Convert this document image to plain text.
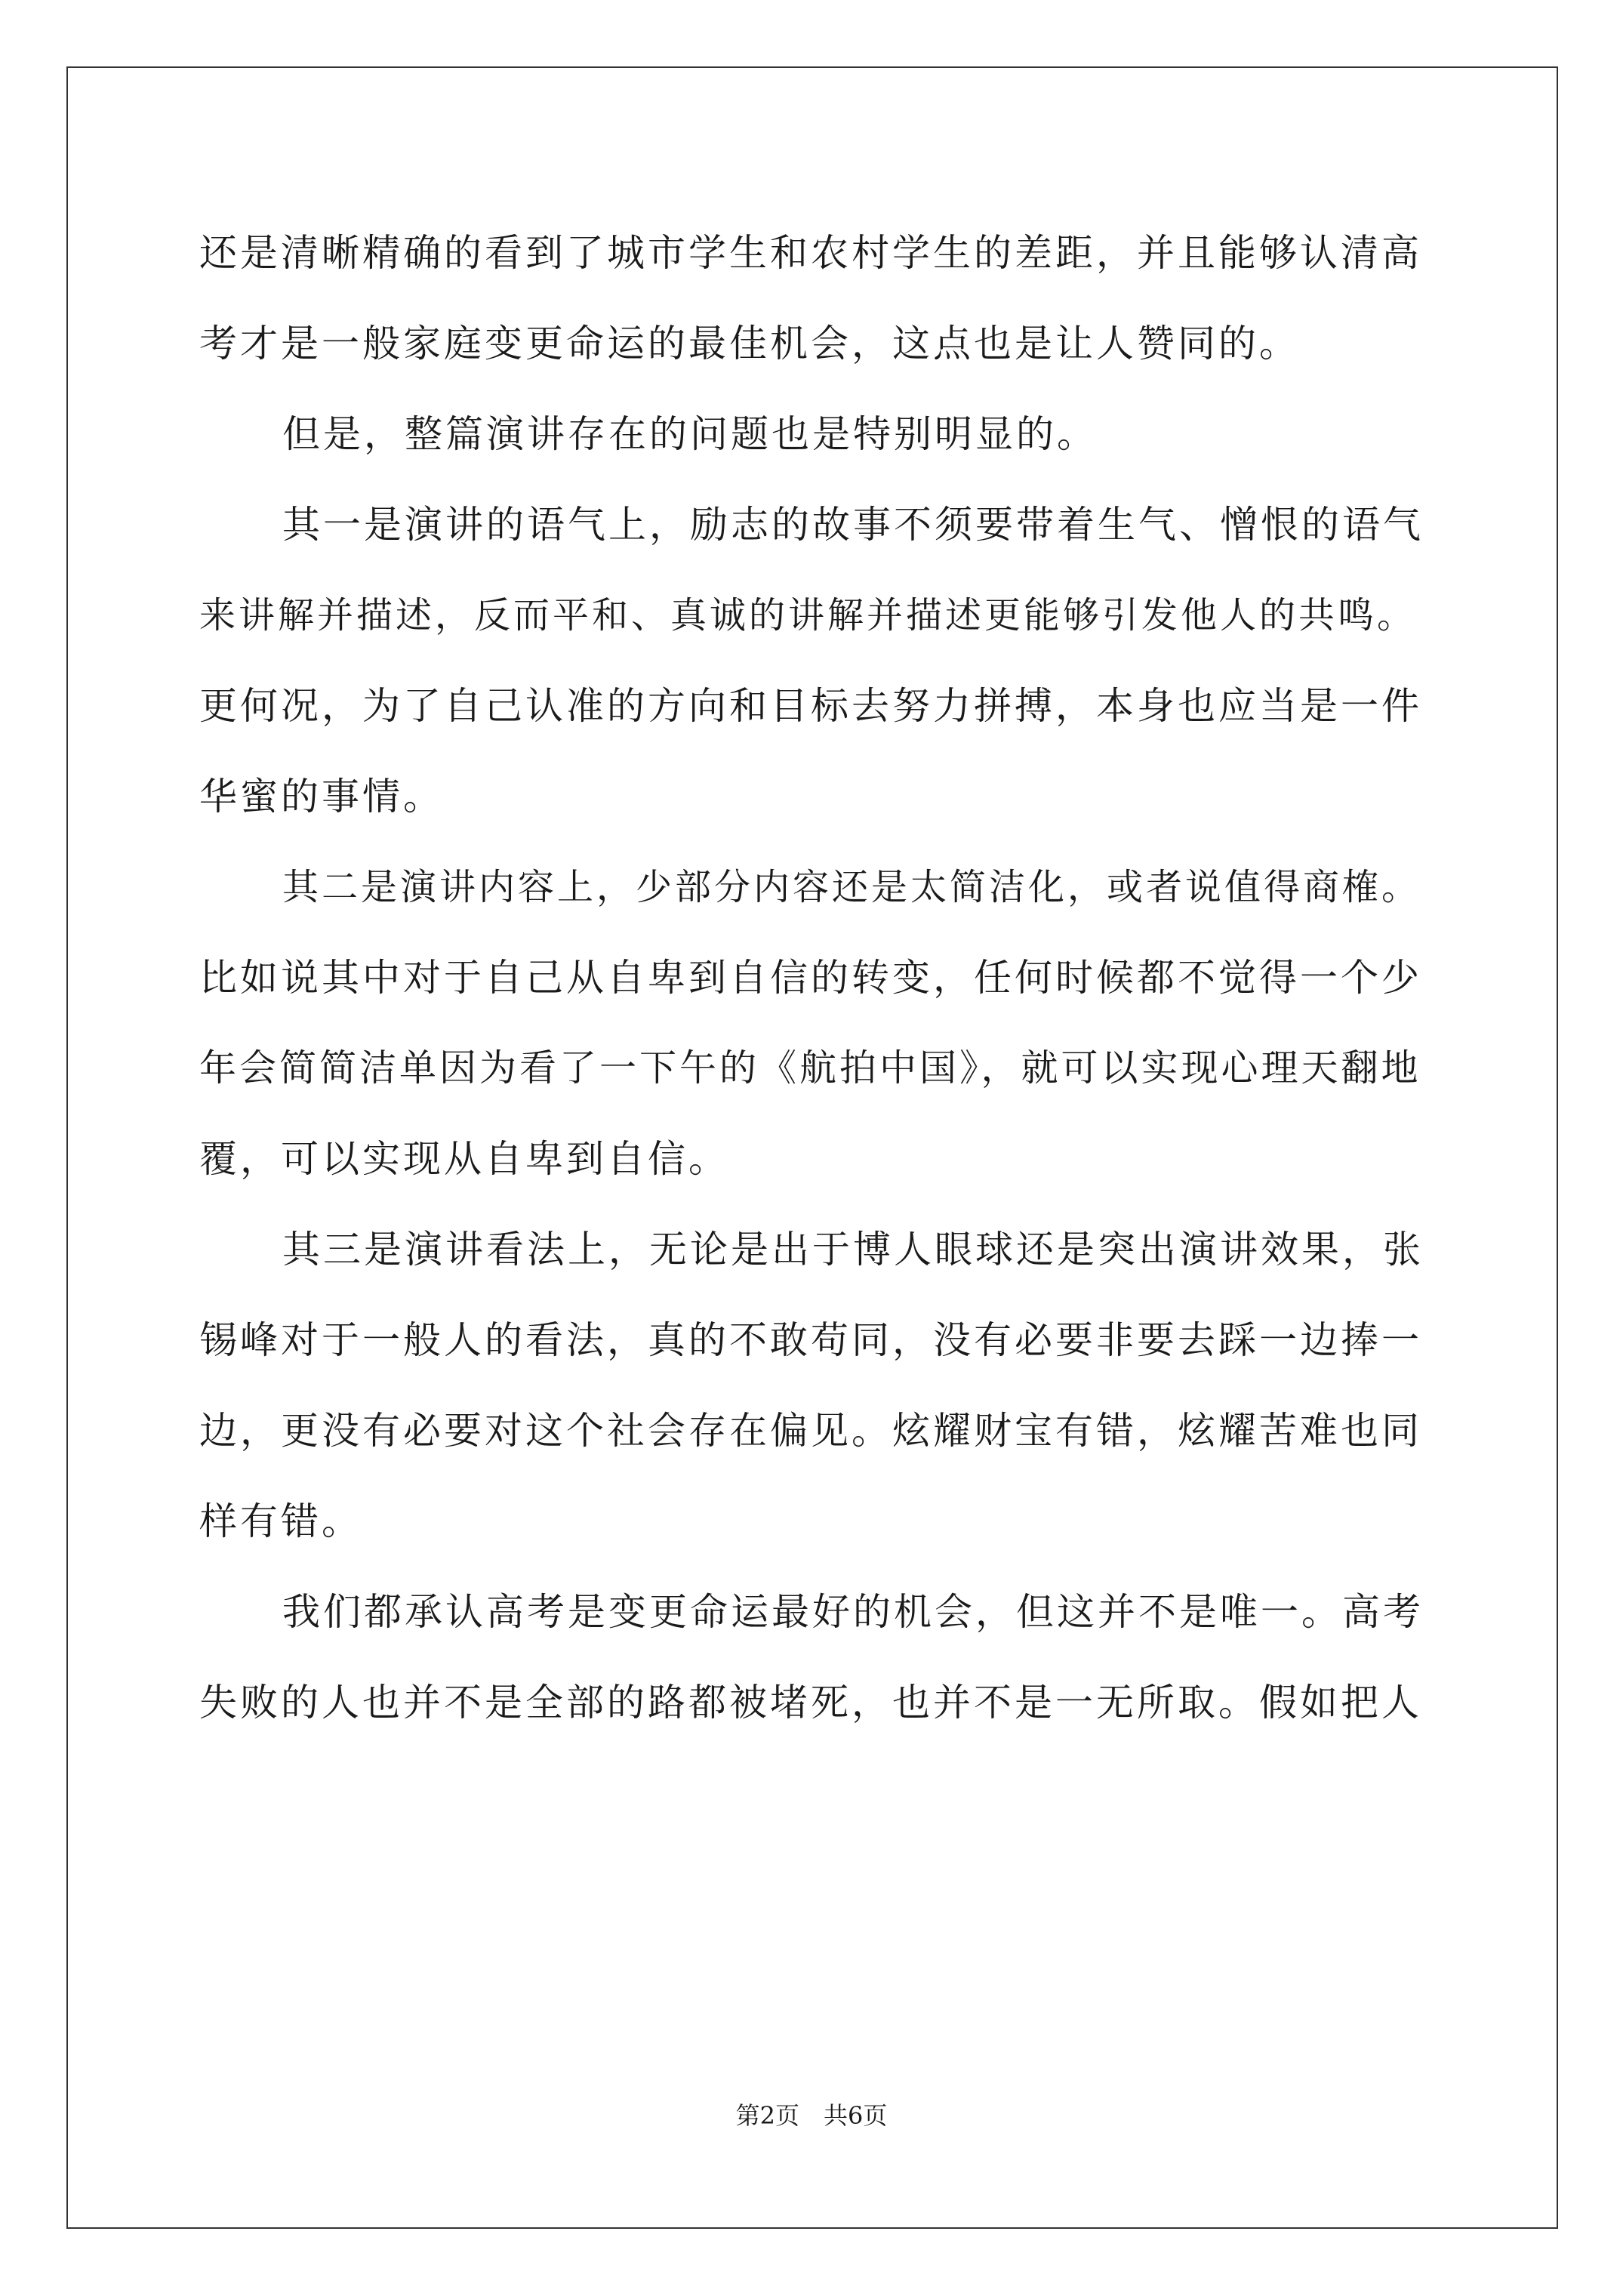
还是清晰精确的看到了城市学生和农村学生的差距，并且能够认清高
考才是一般家庭变更命运的最佳机会，这点也是让人赞同的。
但是，整篇演讲存在的问题也是特别明显的。
其一是演讲的语气上，励志的故事不须要带着生气、憎恨的语气
来讲解并描述，反而平和、真诚的讲解并描述更能够引发他人的共鸣。
更何况，为了自己认准的方向和目标去努力拼搏，本身也应当是一件
华蜜的事情。
其二是演讲内容上，少部分内容还是太简洁化，或者说值得商榷。
比如说其中对于自己从自卑到自信的转变，任何时候都不觉得一个少
年会简简洁单因为看了一下午的《航拍中国》，就可以实现心理天翻地
覆，可以实现从自卑到自信。
其三是演讲看法上，无论是出于博人眼球还是突出演讲效果，张
锡峰对于一般人的看法，真的不敢苟同，没有必要非要去踩一边捧一
边，更没有必要对这个社会存在偏见。炫耀财宝有错，炫耀苦难也同
样有错。
我们都承认高考是变更命运最好的机会，但这并不是唯一。高考
失败的人也并不是全部的路都被堵死，也并不是一无所取。假如把人
第2页　共6页
